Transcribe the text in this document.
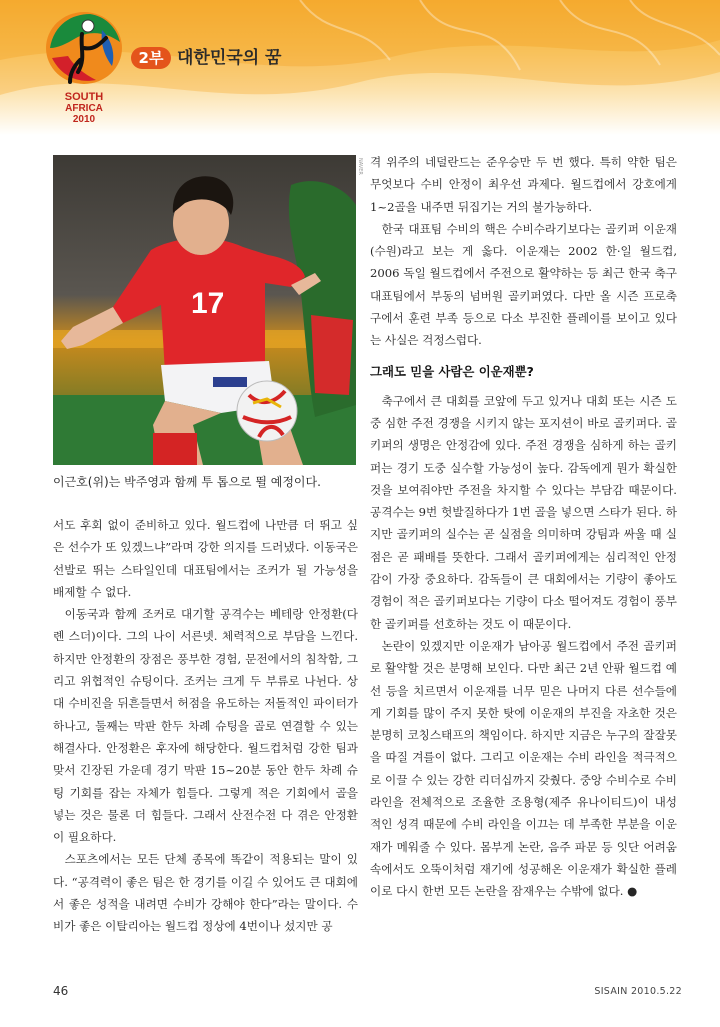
SOUTH
AFRICA
2010
2부 대한민국의 꿈
17
NAVER
이근호(위)는 박주영과 함께 투 톱으로 뛸 예정이다.

서도 후회 없이 준비하고 있다. 월드컵에 나만큼 더 뛰고 싶은 선수가 또 있겠느냐”라며 강한 의지를 드러냈다. 이동국은 선발로 뛰는 스타일인데 대표팀에서는 조커가 될 가능성을 배제할 수 없다.

이동국과 함께 조커로 대기할 공격수는 베테랑 안정환(다롄 스더)이다. 그의 나이 서른넷. 체력적으로 부담을 느낀다. 하지만 안정환의 장점은 풍부한 경험, 문전에서의 침착함, 그리고 위협적인 슈팅이다. 조커는 크게 두 부류로 나뉜다. 상대 수비진을 뒤흔들면서 허점을 유도하는 저돌적인 파이터가 하나고, 둘째는 막판 한두 차례 슈팅을 골로 연결할 수 있는 해결사다. 안정환은 후자에 해당한다. 월드컵처럼 강한 팀과 맞서 긴장된 가운데 경기 막판 15~20분 동안 한두 차례 슈팅 기회를 잡는 자체가 힘들다. 그렇게 적은 기회에서 골을 넣는 것은 물론 더 힘들다. 그래서 산전수전 다 겪은 안정환이 필요하다.

스포츠에서는 모든 단체 종목에 똑같이 적용되는 말이 있다. “공격력이 좋은 팀은 한 경기를 이길 수 있어도 큰 대회에서 좋은 성적을 내려면 수비가 강해야 한다”라는 말이다. 수비가 좋은 이탈리아는 월드컵 정상에 4번이나 섰지만 공

격 위주의 네덜란드는 준우승만 두 번 했다. 특히 약한 팀은 무엇보다 수비 안정이 최우선 과제다. 월드컵에서 강호에게 1~2골을 내주면 뒤집기는 거의 불가능하다.

한국 대표팀 수비의 핵은 수비수라기보다는 골키퍼 이운재(수원)라고 보는 게 옳다. 이운재는 2002 한·일 월드컵, 2006 독일 월드컵에서 주전으로 활약하는 등 최근 한국 축구대표팀에서 부동의 넘버원 골키퍼였다. 다만 올 시즌 프로축구에서 훈련 부족 등으로 다소 부진한 플레이를 보이고 있다는 사실은 걱정스럽다.

그래도 믿을 사람은 이운재뿐?

축구에서 큰 대회를 코앞에 두고 있거나 대회 또는 시즌 도중 심한 주전 경쟁을 시키지 않는 포지션이 바로 골키퍼다. 골키퍼의 생명은 안정감에 있다. 주전 경쟁을 심하게 하는 골키퍼는 경기 도중 실수할 가능성이 높다. 감독에게 뭔가 확실한 것을 보여줘야만 주전을 차지할 수 있다는 부담감 때문이다. 공격수는 9번 헛발질하다가 1번 골을 넣으면 스타가 된다. 하지만 골키퍼의 실수는 곧 실점을 의미하며 강팀과 싸울 때 실점은 곧 패배를 뜻한다. 그래서 골키퍼에게는 심리적인 안정감이 가장 중요하다. 감독들이 큰 대회에서는 기량이 좋아도 경험이 적은 골키퍼보다는 기량이 다소 떨어져도 경험이 풍부한 골키퍼를 선호하는 것도 이 때문이다.

논란이 있겠지만 이운재가 남아공 월드컵에서 주전 골키퍼로 활약할 것은 분명해 보인다. 다만 최근 2년 안팎 월드컵 예선 등을 치르면서 이운재를 너무 믿은 나머지 다른 선수들에게 기회를 많이 주지 못한 탓에 이운재의 부진을 자초한 것은 분명히 코칭스태프의 책임이다. 하지만 지금은 누구의 잘잘못을 따질 겨를이 없다. 그리고 이운재는 수비 라인을 적극적으로 이끌 수 있는 강한 리더십까지 갖췄다. 중앙 수비수로 수비 라인을 전체적으로 조율한 조용형(제주 유나이티드)이 내성적인 성격 때문에 수비 라인을 이끄는 데 부족한 부분을 이운재가 메워줄 수 있다. 몸부게 논란, 음주 파문 등 잇단 어려움 속에서도 오뚝이처럼 재기에 성공해온 이운재가 확실한 플레이로 다시 한번 모든 논란을 잠재우는 수밖에 없다. ●

46	SISAIN 2010.5.22
